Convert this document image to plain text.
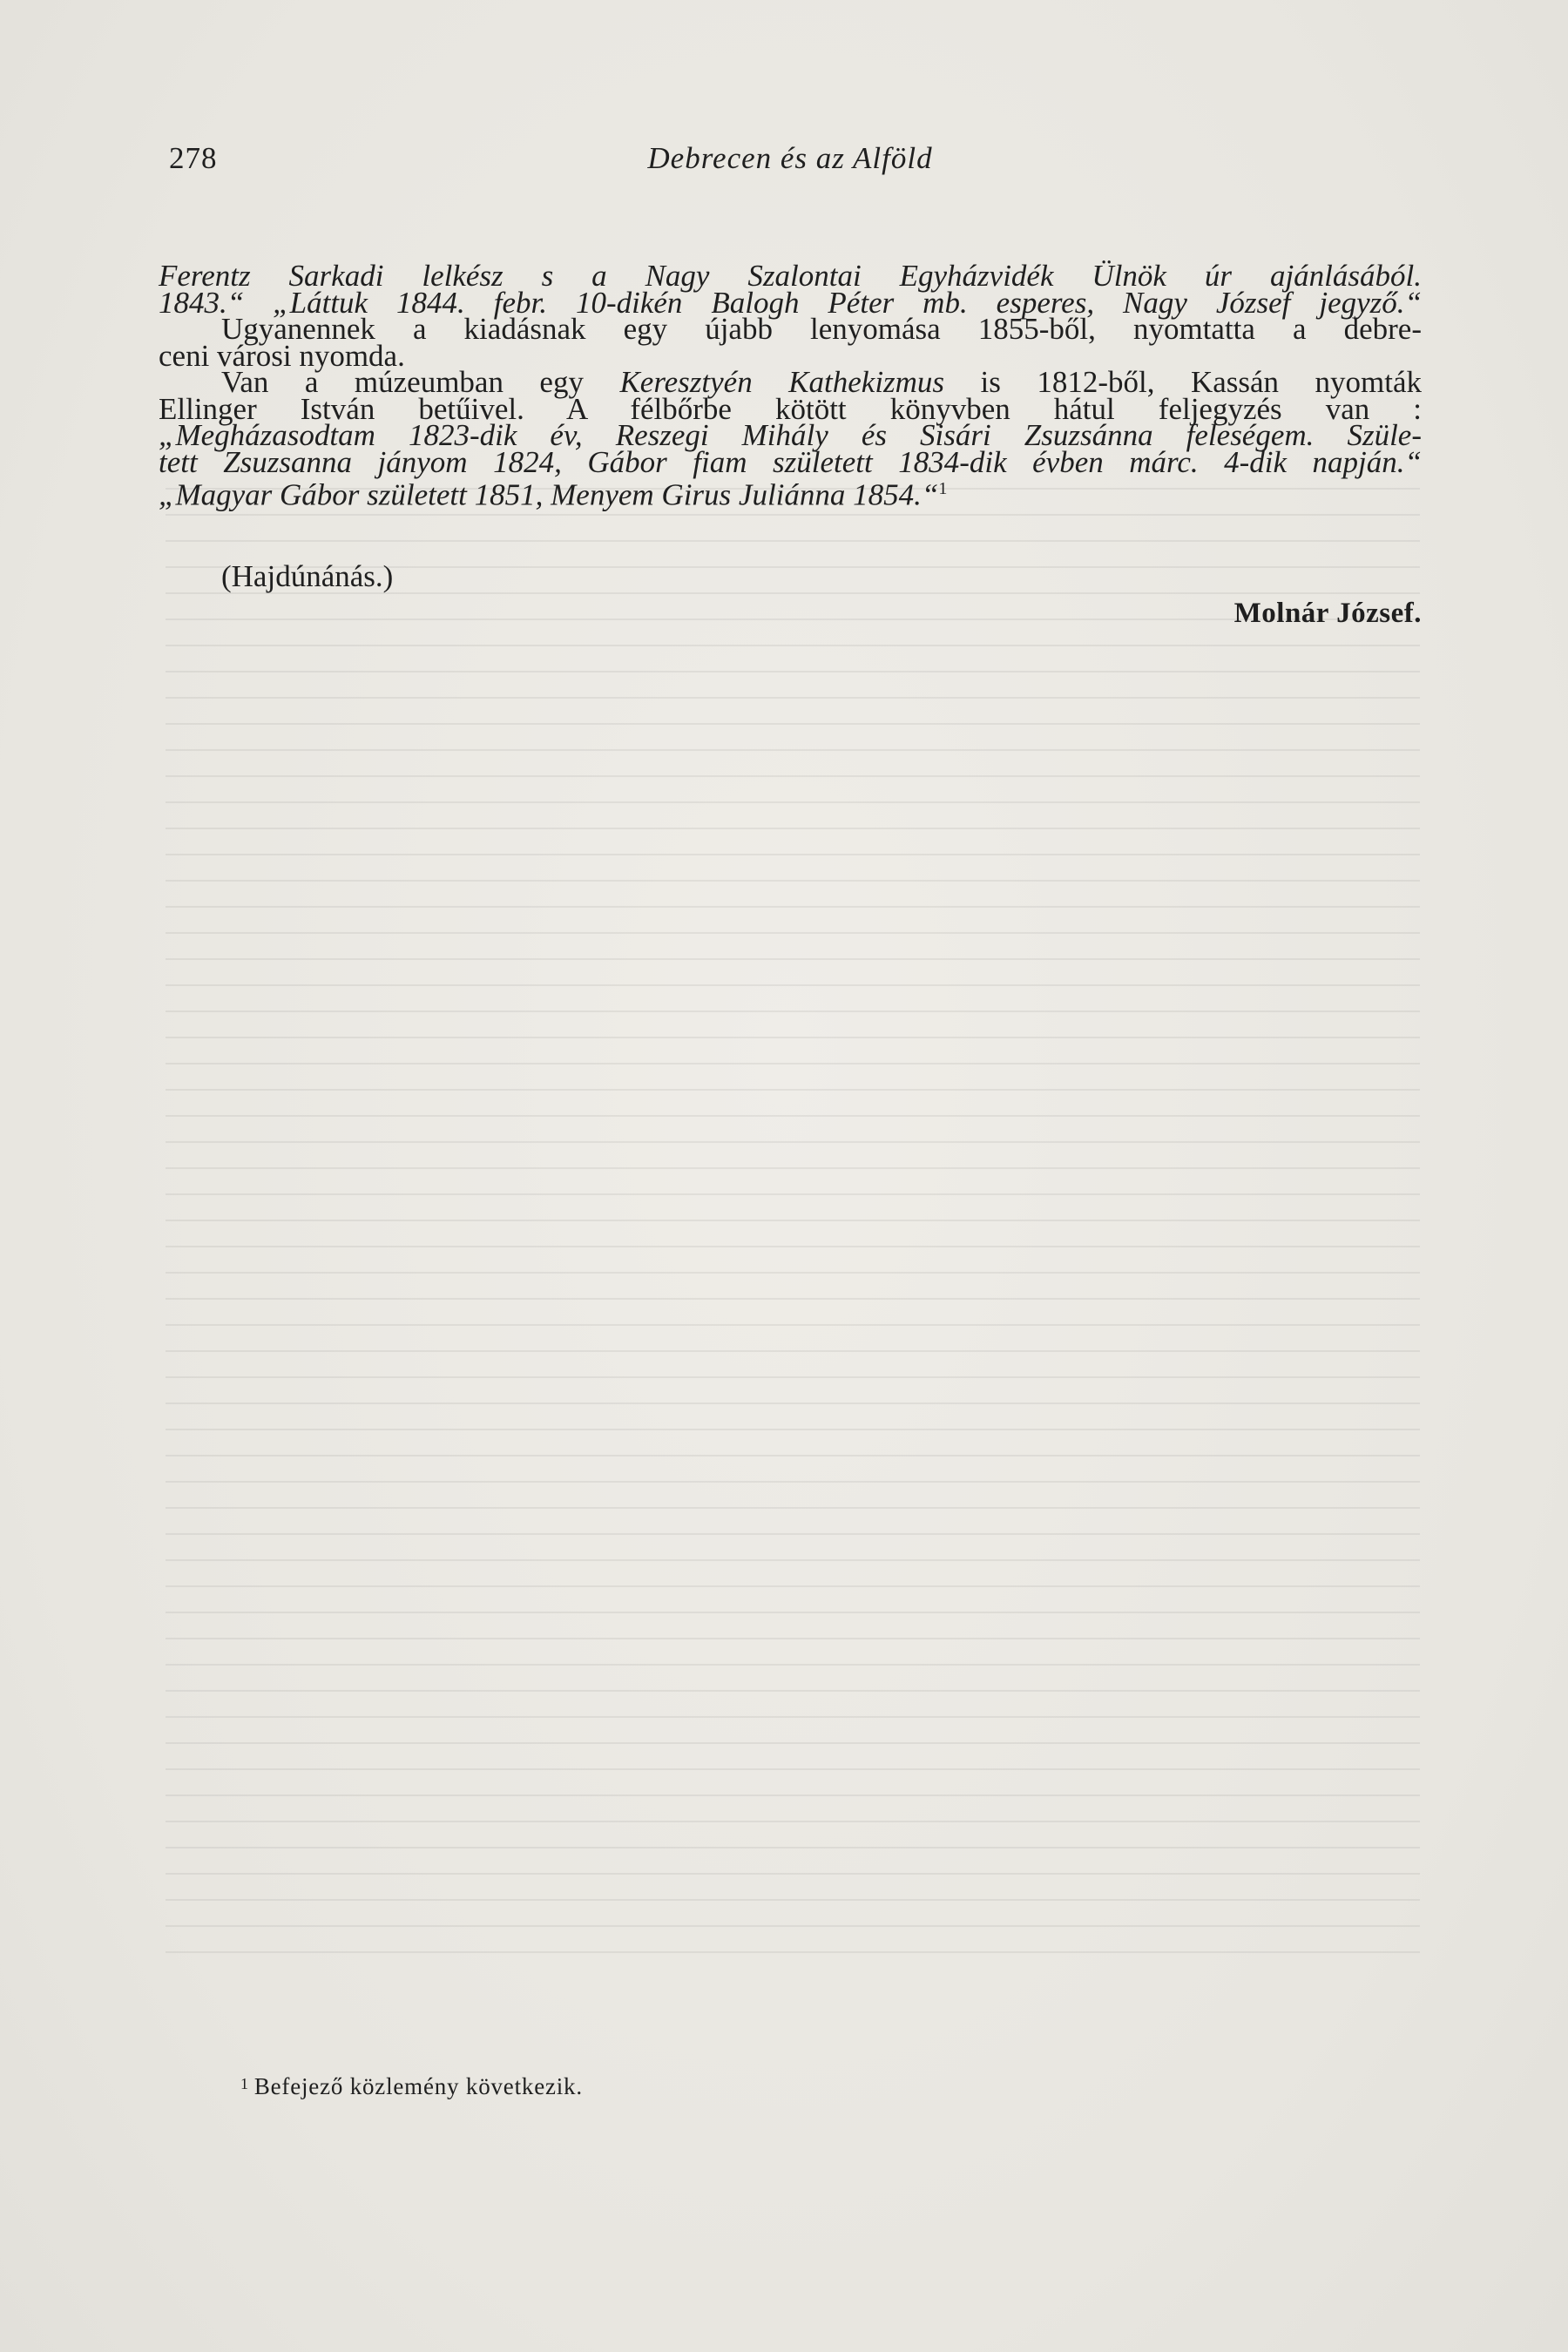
278	Debrecen és az Alföld
Ferentz Sarkadi lelkész s a Nagy Szalontai Egyházvidék Ülnök úr ajánlásából.
1843.“ „Láttuk 1844. febr. 10-dikén Balogh Péter mb. esperes, Nagy József jegyző.“
Ugyanennek a kiadásnak egy újabb lenyomása 1855-ből, nyomtatta a debre-
ceni városi nyomda.
Van a múzeumban egy Keresztyén Kathekizmus is 1812-ből, Kassán nyomták
Ellinger István betűivel. A félbőrbe kötött könyvben hátul feljegyzés van :
„Megházasodtam 1823-dik év, Reszegi Mihály és Sisári Zsuzsánna feleségem. Szüle-
tett Zsuzsanna jányom 1824, Gábor fiam született 1834-dik évben márc. 4-dik napján.“
„Magyar Gábor született 1851, Menyem Girus Juliánna 1854.“$^1$
(Hajdúnánás.)
Molnár József.
$^1$ Befejező közlemény következik.
